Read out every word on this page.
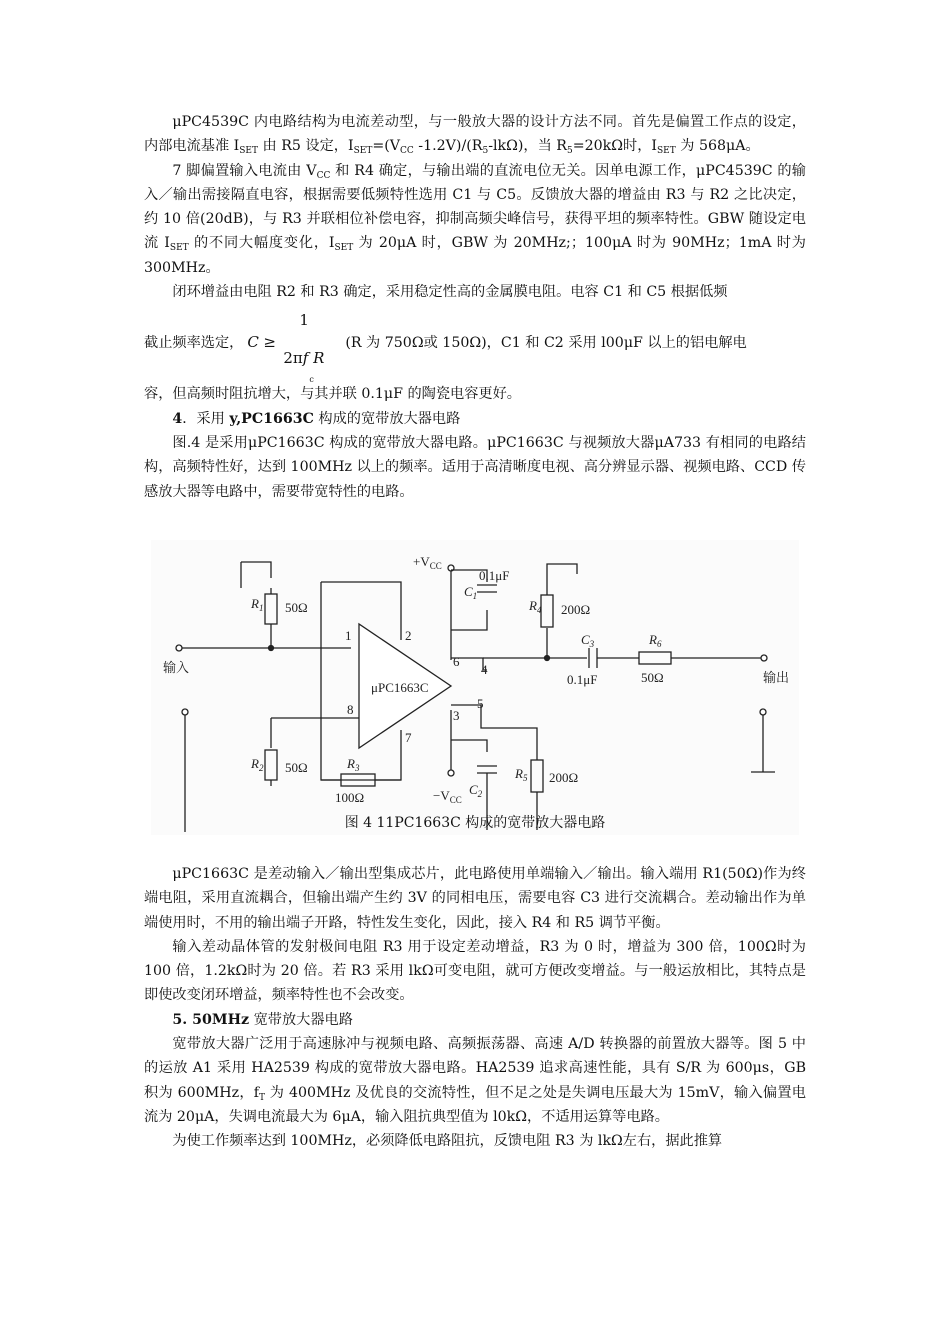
μPC4539C 内电路结构为电流差动型，与一般放大器的设计方法不同。首先是偏置工作点的设定，内部电流基准 $I_{SET}$ 由 R5 设定，$I_{SET}=(V_{CC}$ $-1.2V)/(R_5-lk\Omega)$，当 $R_5=20k\Omega$时，$I_{SET}$ 为 568μA。

7 脚偏置输入电流由 $V_{CC}$ 和 R4 确定，与输出端的直流电位无关。因单电源工作，μPC4539C 的输入／输出需接隔直电容，根据需要低频特性选用 C1 与 C5。反馈放大器的增益由 R3 与 R2 之比决定，约 10 倍(20dB)，与 R3 并联相位补偿电容，抑制高频尖峰信号，获得平坦的频率特性。GBW 随设定电流 $I_{SET}$ 的不同大幅度变化，$I_{SET}$ 为 20μA 时，GBW 为 20MHz;；100μA 时为 90MHz；1mA 时为 300MHz。

闭环增益由电阻 R2 和 R3 确定，采用稳定性高的金属膜电阻。电容 C1 和 C5 根据低频

截止频率选定， C ≥
1
2πf R
c
(R 为 750Ω或 150Ω)，C1 和 C2 采用 l00μF 以上的铝电解电

容，但高频时阻抗增大，与其并联 0.1μF 的陶瓷电容更好。

4．采用 y,PC1663C 构成的宽带放大器电路

图.4 是采用μPC1663C 构成的宽带放大器电路。μPC1663C 与视频放大器μA733 有相同的电路结构，高频特性好，达到 100MHz 以上的频率。适用于高清晰度电视、高分辨显示器、视频电路、CCD 传感放大器等电路中，需要带宽特性的电路。

$+V_{CC}$
0.1μF
$C_1$
$R_1$ 50Ω	$R_4$ 200Ω
$C_3$
0.1μF
$R_6$
50Ω
输入
输出
μPC1663C
1	2
3
4
5
6
7
8
$R_2$ 50Ω	$R_3$
100Ω
$R_5$ 200Ω
$-V_{CC}$
$C_2$
图 4 11PC1663C 构成的宽带放大器电路

μPC1663C 是差动输入／输出型集成芯片，此电路使用单端输入／输出。输入端用 R1(50Ω)作为终端电阻，采用直流耦合，但输出端产生约 3V 的同相电压，需要电容 C3 进行交流耦合。差动输出作为单端使用时，不用的输出端子开路，特性发生变化，因此，接入 R4 和 R5 调节平衡。

输入差动晶体管的发射极间电阻 R3 用于设定差动增益，R3 为 0 时，增益为 300 倍，100Ω时为 100 倍，1.2kΩ时为 20 倍。若 R3 采用 lkΩ可变电阻，就可方便改变增益。与一般运放相比，其特点是即使改变闭环增益，频率特性也不会改变。

5. 50MHz 宽带放大器电路

宽带放大器广泛用于高速脉冲与视频电路、高频振荡器、高速 A/D 转换器的前置放大器等。图 5 中的运放 A1 采用 HA2539 构成的宽带放大器电路。HA2539 追求高速性能，具有 S/R 为 600μs，GB 积为 600MHz，$f_T$ 为 400MHz 及优良的交流特性，但不足之处是失调电压最大为 15mV，输入偏置电流为 20μA，失调电流最大为 6μA，输入阻抗典型值为 l0kΩ，不适用运算等电路。

为使工作频率达到 100MHz，必须降低电路阻抗，反馈电阻 R3 为 lkΩ左右，据此推算
